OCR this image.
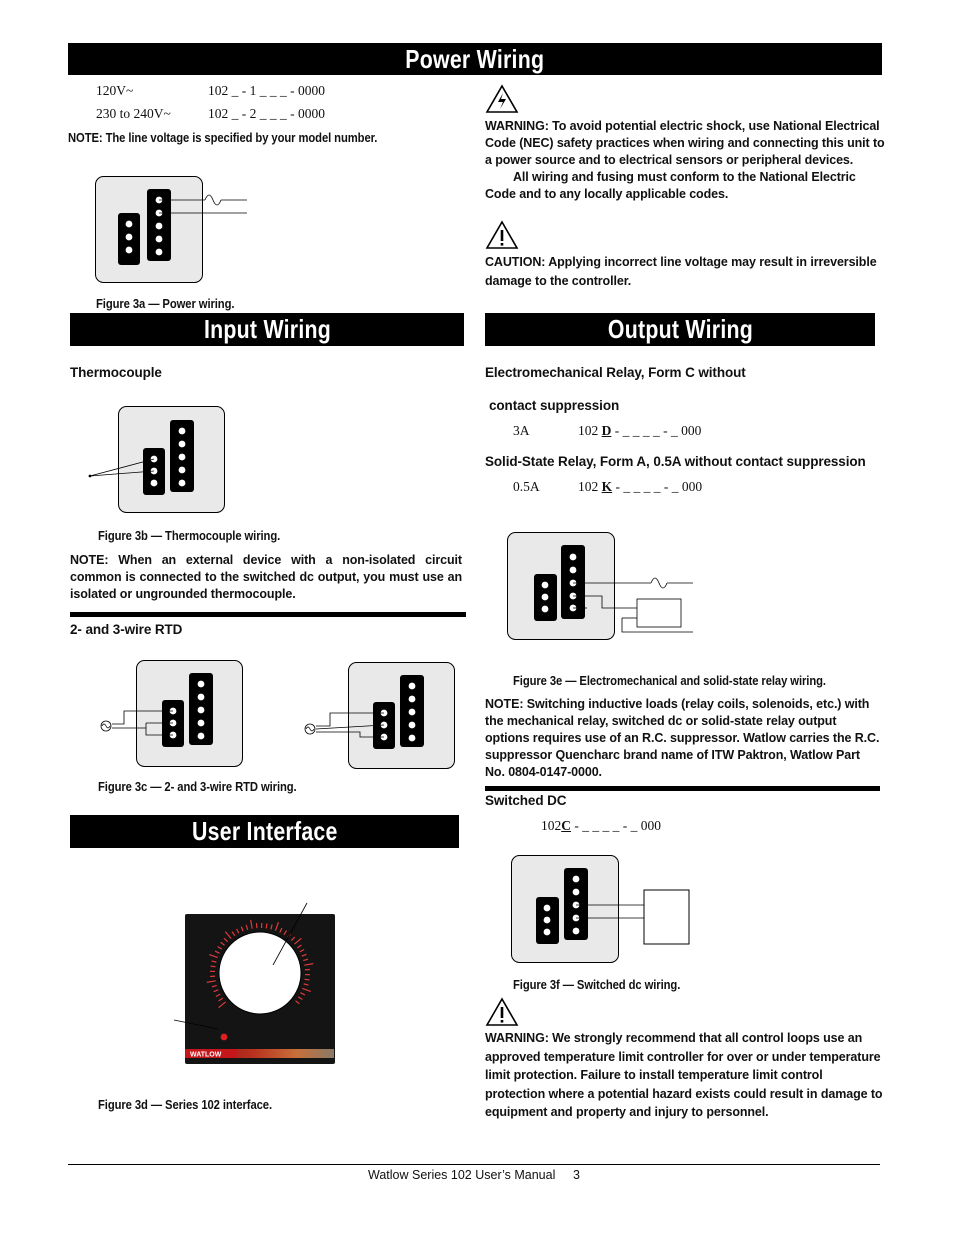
Power Wiring
120V~	102 _ - 1 _ _ _ - 0000
230 to 240V~	102 _ - 2 _ _ _ - 0000
NOTE: The line voltage is specified by your model number.
Figure 3a — Power wiring.
WARNING: To avoid potential electric shock, use National Electrical Code (NEC) safety practices when wiring and connecting this unit to a power source and to electrical sensors or peripheral devices.
All wiring and fusing must conform to the National Electric Code and to any locally applicable codes.
CAUTION: Applying incorrect line voltage may result in irreversible damage to the controller.
Input Wiring
Thermocouple
Figure 3b — Thermocouple wiring.
NOTE: When an external device with a non-isolated circuit common is connected to the switched dc output, you must use an isolated or ungrounded thermocouple.
2- and 3-wire RTD
Figure 3c — 2- and 3-wire RTD wiring.
User Interface
WATLOW
Figure 3d — Series 102 interface.
Output Wiring
Electromechanical Relay, Form C without
contact suppression
3A	102 D - _ _ _ _ - _ 000
Solid-State Relay, Form A, 0.5A without contact suppression
0.5A	102 K - _ _ _ _ - _ 000
Figure 3e — Electromechanical and solid-state relay wiring.
NOTE: Switching inductive loads (relay coils, solenoids, etc.) with the mechanical relay, switched dc or solid-state relay output options requires use of an R.C. suppressor. Watlow carries the R.C. suppressor Quencharc brand name of ITW Paktron, Watlow Part No. 0804-0147-0000.
Switched DC
102C - _ _ _ _ - _ 000
Figure 3f — Switched dc wiring.
WARNING: We strongly recommend that all control loops use an approved temperature limit controller for over or under temperature limit protection. Failure to install temperature limit control protection where a potential hazard exists could result in damage to equipment and property and injury to personnel.
Watlow Series 102 User’s Manual 3
